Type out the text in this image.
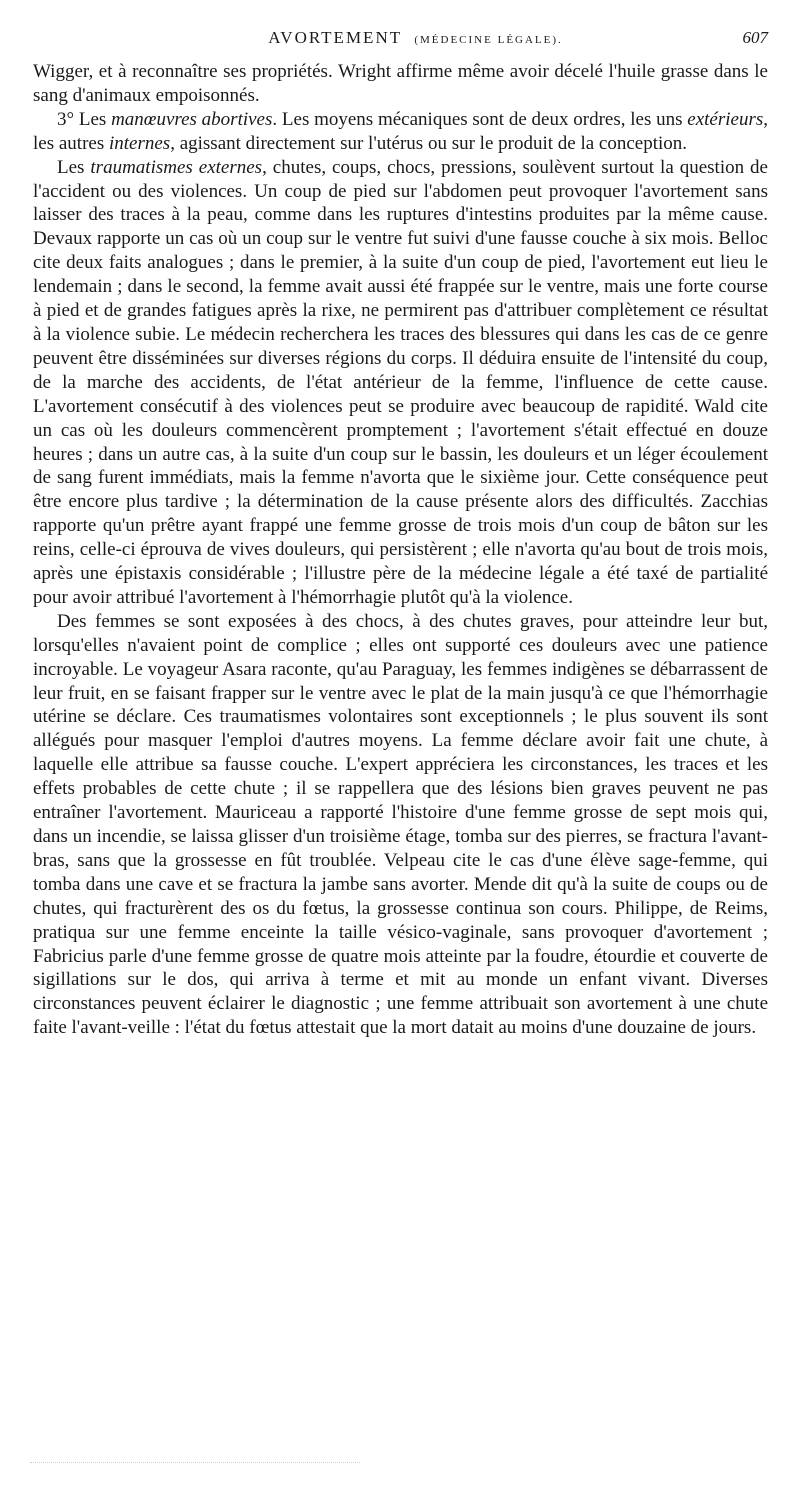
AVORTEMENT (MÉDECINE LÉGALE).	607

Wigger, et à reconnaître ses propriétés. Wright affirme même avoir décelé l'huile grasse dans le sang d'animaux empoisonnés.

3° Les manœuvres abortives. Les moyens mécaniques sont de deux ordres, les uns extérieurs, les autres internes, agissant directement sur l'utérus ou sur le produit de la conception.

Les traumatismes externes, chutes, coups, chocs, pressions, soulèvent surtout la question de l'accident ou des violences. Un coup de pied sur l'abdomen peut provoquer l'avortement sans laisser des traces à la peau, comme dans les ruptures d'intestins produites par la même cause. Devaux rapporte un cas où un coup sur le ventre fut suivi d'une fausse couche à six mois. Belloc cite deux faits analogues ; dans le premier, à la suite d'un coup de pied, l'avortement eut lieu le lendemain ; dans le second, la femme avait aussi été frappée sur le ventre, mais une forte course à pied et de grandes fatigues après la rixe, ne permirent pas d'attribuer complètement ce résultat à la violence subie. Le médecin recherchera les traces des blessures qui dans les cas de ce genre peuvent être disséminées sur diverses régions du corps. Il déduira ensuite de l'intensité du coup, de la marche des accidents, de l'état antérieur de la femme, l'influence de cette cause. L'avortement consécutif à des violences peut se produire avec beaucoup de rapidité. Wald cite un cas où les douleurs commencèrent promptement ; l'avortement s'était effectué en douze heures ; dans un autre cas, à la suite d'un coup sur le bassin, les douleurs et un léger écoulement de sang furent immédiats, mais la femme n'avorta que le sixième jour. Cette conséquence peut être encore plus tardive ; la détermination de la cause présente alors des difficultés. Zacchias rapporte qu'un prêtre ayant frappé une femme grosse de trois mois d'un coup de bâton sur les reins, celle-ci éprouva de vives douleurs, qui persistèrent ; elle n'avorta qu'au bout de trois mois, après une épistaxis considérable ; l'illustre père de la médecine légale a été taxé de partialité pour avoir attribué l'avortement à l'hémorrhagie plutôt qu'à la violence.

Des femmes se sont exposées à des chocs, à des chutes graves, pour atteindre leur but, lorsqu'elles n'avaient point de complice ; elles ont supporté ces douleurs avec une patience incroyable. Le voyageur Asara raconte, qu'au Paraguay, les femmes indigènes se débarrassent de leur fruit, en se faisant frapper sur le ventre avec le plat de la main jusqu'à ce que l'hémorrhagie utérine se déclare. Ces traumatismes volontaires sont exceptionnels ; le plus souvent ils sont allégués pour masquer l'emploi d'autres moyens. La femme déclare avoir fait une chute, à laquelle elle attribue sa fausse couche. L'expert appréciera les circonstances, les traces et les effets probables de cette chute ; il se rappellera que des lésions bien graves peuvent ne pas entraîner l'avortement. Mauriceau a rapporté l'histoire d'une femme grosse de sept mois qui, dans un incendie, se laissa glisser d'un troisième étage, tomba sur des pierres, se fractura l'avant-bras, sans que la grossesse en fût troublée. Velpeau cite le cas d'une élève sage-femme, qui tomba dans une cave et se fractura la jambe sans avorter. Mende dit qu'à la suite de coups ou de chutes, qui fracturèrent des os du fœtus, la grossesse continua son cours. Philippe, de Reims, pratiqua sur une femme enceinte la taille vésico-vaginale, sans provoquer d'avortement ; Fabricius parle d'une femme grosse de quatre mois atteinte par la foudre, étourdie et couverte de sigillations sur le dos, qui arriva à terme et mit au monde un enfant vivant. Diverses circonstances peuvent éclairer le diagnostic ; une femme attribuait son avortement à une chute faite l'avant-veille : l'état du fœtus attestait que la mort datait au moins d'une douzaine de jours.
